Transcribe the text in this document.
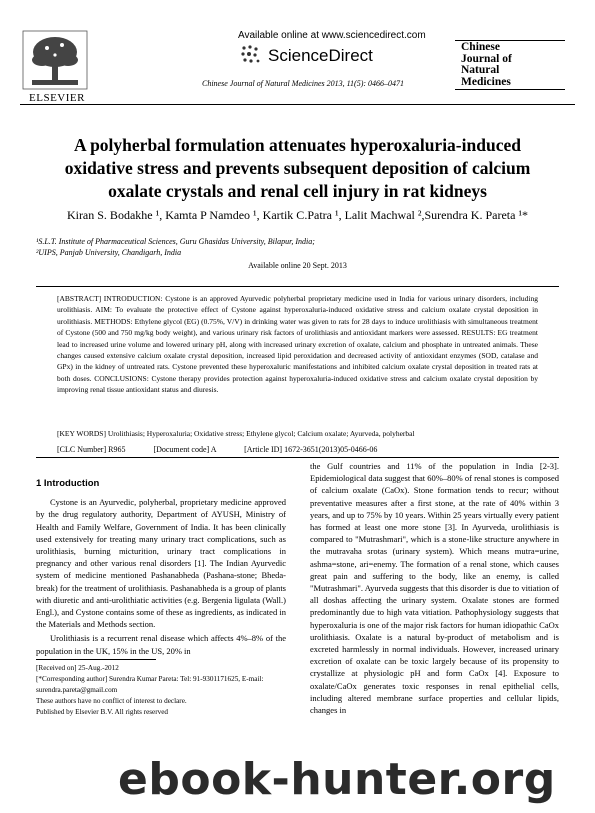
ELSEVIER
Available online at www.sciencedirect.com
ScienceDirect
Chinese Journal of Natural Medicines 2013, 11(5): 0466–0471
Chinese
Journal of
Natural
Medicines
A polyherbal formulation attenuates hyperoxaluria-induced oxidative stress and prevents subsequent deposition of calcium oxalate crystals and renal cell injury in rat kidneys
Kiran S. Bodakhe ¹, Kamta P Namdeo ¹, Kartik C.Patra ¹, Lalit Machwal ²,Surendra K. Pareta ¹*
¹S.L.T. Institute of Pharmaceutical Sciences, Guru Ghasidas University, Bilapur, India;
²UIPS, Panjab University, Chandigarh, India
Available online 20 Sept. 2013
[ABSTRACT] INTRODUCTION: Cystone is an approved Ayurvedic polyherbal proprietary medicine used in India for various urinary disorders, including urolithiasis. AIM: To evaluate the protective effect of Cystone against hyperoxaluria-induced oxidative stress and calcium oxalate crystal deposition in urolithiasis. METHODS: Ethylene glycol (EG) (0.75%, V/V) in drinking water was given to rats for 28 days to induce urolithiasis with simultaneous treatment of Cystone (500 and 750 mg/kg body weight), and various urinary risk factors of urolithiasis and antioxidant markers were assessed. RESULTS: EG treatment lead to increased urine volume and lowered urinary pH, along with increased urinary excretion of oxalate, calcium and phosphate in untreated animals. These changes caused extensive calcium oxalate crystal deposition, increased lipid peroxidation and decreased activity of antioxidant enzymes (SOD, catalase and GPx) in the kidney of untreated rats. Cystone prevented these hyperoxaluric manifestations and inhibited calcium oxalate crystal deposition in treated rats at both doses. CONCLUSIONS: Cystone therapy provides protection against hyperoxaluria-induced oxidative stress and calcium oxalate crystal deposition by improving renal tissue antioxidant status and diuresis.
[KEY WORDS] Urolithiasis; Hyperoxaluria; Oxidative stress; Ethylene glycol; Calcium oxalate; Ayurveda, polyherbal
[CLC Number] R965	[Document code] A	[Article ID] 1672-3651(2013)05-0466-06
1 Introduction

Cystone is an Ayurvedic, polyherbal, proprietary medicine approved by the drug regulatory authority, Department of AYUSH, Ministry of Health and Family Welfare, Government of India. It has been clinically used extensively for treating many urinary tract complications, such as urolithiasis, burning micturition, urinary tract complications in pregnancy and other various renal disorders [1]. The Indian Ayurvedic system of medicine mentioned Pashanabheda (Pashana-stone; Bheda-break) for the treatment of urolithiasis. Pashanabheda is a group of plants with diuretic and anti-urolithiatic activities (e.g. Bergenia ligulata (Wall.) Engl.), and Cystone contains some of these as ingredients, as indicated in the Materials and Methods section.

Urolithiasis is a recurrent renal disease which affects 4%–8% of the population in the UK, 15% in the US, 20% in

the Gulf countries and 11% of the population in India [2-3]. Epidemiological data suggest that 60%–80% of renal stones is composed of calcium oxalate (CaOx). Stone formation tends to recur; without preventative measures after a first stone, at the rate of 40% within 3 years, and up to 75% by 10 years. Within 25 years virtually every patient has formed at least one more stone [3]. In Ayurveda, urolithiasis is compared to "Mutrashmari", which is a stone-like structure anywhere in the mutravaha srotas (urinary system). Which means mutra=urine, ashma=stone, ari=enemy. The formation of a renal stone, which causes great pain and suffering to the body, like an enemy, is called "Mutrashmari". Ayurveda suggests that this disorder is due to vitiation of all doshas affecting the urinary system. Oxalate stones are formed predominantly due to high vata vitiation. Pathophysiology suggests that hyperoxaluria is one of the major risk factors for human idiopathic CaOx urolithiasis. Oxalate is a natural by-product of metabolism and is excreted harmlessly in normal individuals. However, increased urinary excretion of oxalate can be toxic largely because of its propensity to crystallize at physiologic pH and form CaOx [4]. Exposure to oxalate/CaOx generates toxic responses in renal epithelial cells, including altered membrane surface properties and cellular lipids, changes in

[Received on] 25-Aug.-2012
[*Corresponding author] Surendra Kumar Pareta: Tel: 91-9301171625, E-mail: surendra.pareta@gmail.com
These authors have no conflict of interest to declare.
Published by Elsevier B.V. All rights reserved
ebook-hunter.org
